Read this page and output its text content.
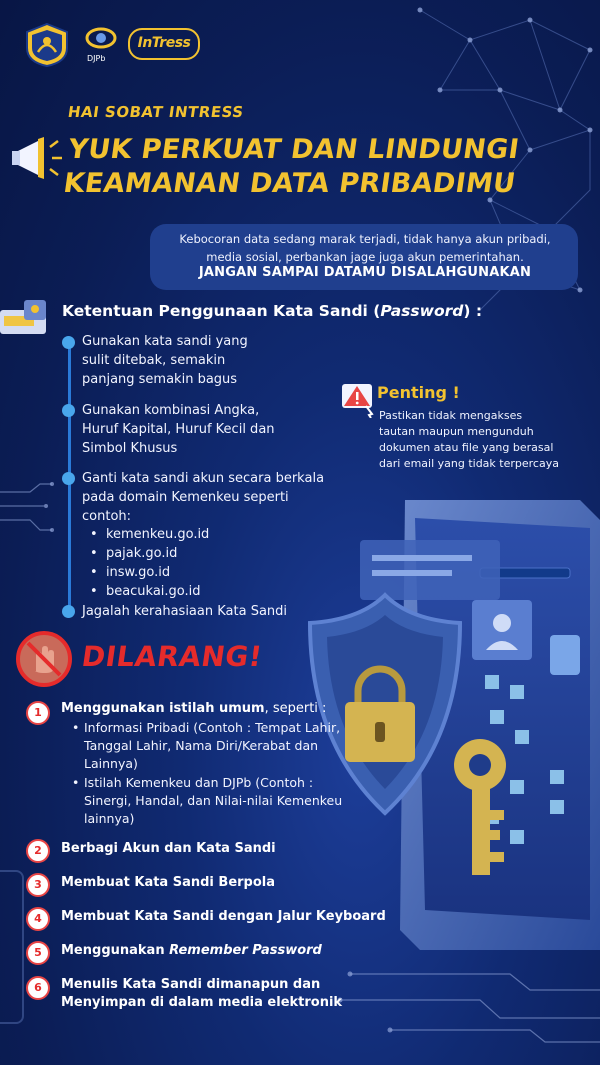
DJPb
InTress
HAI SOBAT INTRESS
YUK PERKUAT DAN LINDUNGI
KEAMANAN DATA PRIBADIMU
Kebocoran data sedang marak terjadi, tidak hanya akun pribadi, media sosial, perbankan jage juga akun pemerintahan.
JANGAN SAMPAI DATAMU DISALAHGUNAKAN
Ketentuan Penggunaan Kata Sandi (Password) :
Gunakan kata sandi yang
sulit ditebak, semakin
panjang semakin bagus
Gunakan kombinasi Angka,
Huruf Kapital, Huruf Kecil dan
Simbol Khusus
Ganti kata sandi akun secara berkala
pada domain Kemenkeu seperti
contoh:
• kemenkeu.go.id
• pajak.go.id
• insw.go.id
• beacukai.go.id
Jagalah kerahasiaan Kata Sandi
Penting !
Pastikan tidak mengakses
tautan maupun mengunduh
dokumen atau file yang berasal
dari email yang tidak terpercaya
DILARANG!
1	Menggunakan istilah umum, seperti :
• Informasi Pribadi (Contoh : Tempat Lahir,
Tanggal Lahir, Nama Diri/Kerabat dan
Lainnya)
• Istilah Kemenkeu dan DJPb (Contoh :
Sinergi, Handal, dan Nilai-nilai Kemenkeu
lainnya)
2	Berbagi Akun dan Kata Sandi
3	Membuat Kata Sandi Berpola
4	Membuat Kata Sandi dengan Jalur Keyboard
5	Menggunakan Remember Password
6	Menulis Kata Sandi dimanapun dan
Menyimpan di dalam media elektronik
